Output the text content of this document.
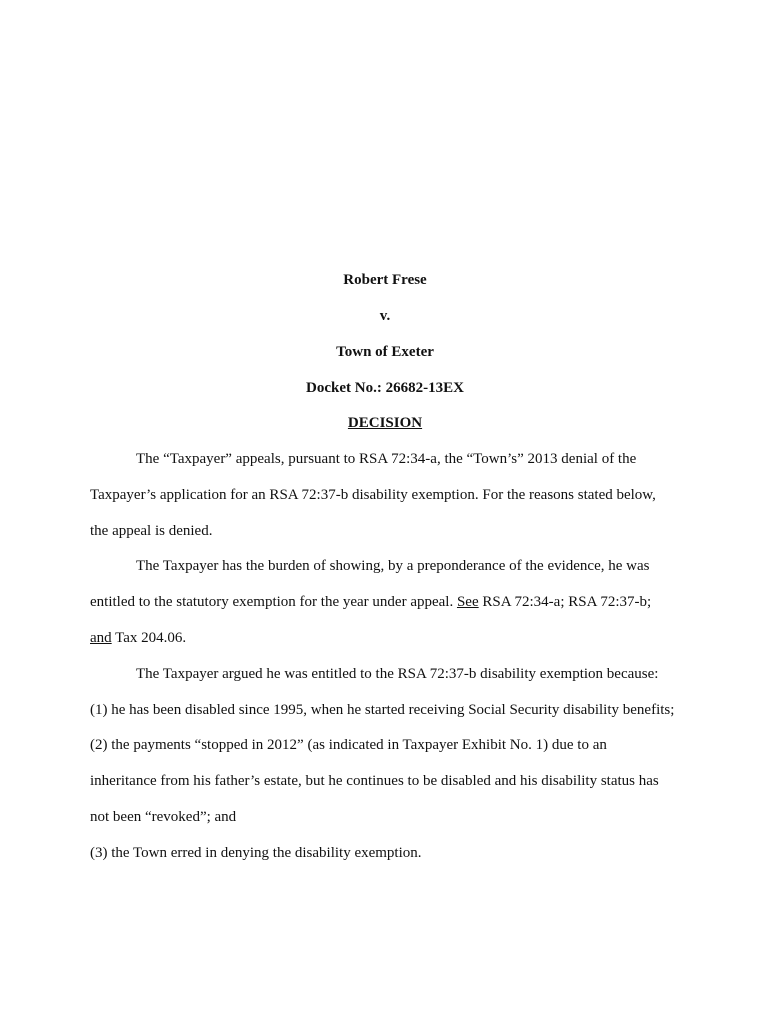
Robert Frese
v.
Town of Exeter
Docket No.: 26682-13EX
DECISION
The “Taxpayer” appeals, pursuant to RSA 72:34-a, the “Town’s” 2013 denial of the
Taxpayer’s application for an RSA 72:37-b disability exemption. For the reasons stated below,
the appeal is denied.
The Taxpayer has the burden of showing, by a preponderance of the evidence, he was
entitled to the statutory exemption for the year under appeal. See RSA 72:34-a; RSA 72:37-b;
and Tax 204.06.
The Taxpayer argued he was entitled to the RSA 72:37-b disability exemption because:
(1) he has been disabled since 1995, when he started receiving Social Security disability benefits;
(2) the payments “stopped in 2012” (as indicated in Taxpayer Exhibit No. 1) due to an
inheritance from his father’s estate, but he continues to be disabled and his disability status has
not been “revoked”; and
(3) the Town erred in denying the disability exemption.
